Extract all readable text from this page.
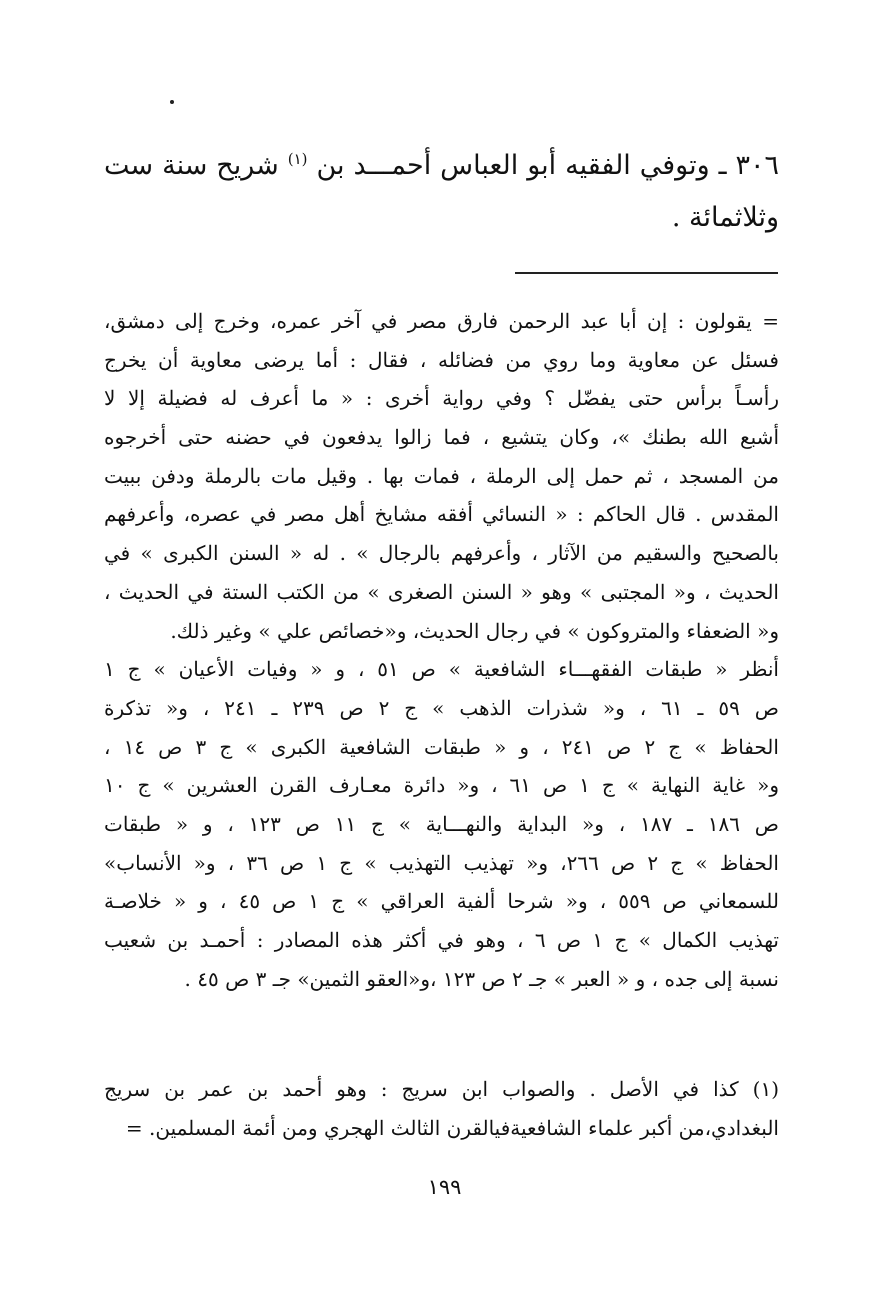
٣٠٦ ـ وتوفي الفقيه أبو العباس أحمـــد بن $^{(١)}$ شريح سنة ست وثلاثمائة .
= يقولون : إن أبا عبد الرحمن فارق مصر في آخر عمره، وخرج إلى دمشق،
فسئل عن معاوية وما روي من فضائله ، فقال : أما يرضى معاوية أن يخرج
رأسـاً برأس حتى يفضّل ؟ وفي رواية أخرى : « ما أعرف له فضيلة إلا لا
أشبع الله بطنك »، وكان يتشيع ، فما زالوا يدفعون في حضنه حتى أخرجوه
من المسجد ، ثم حمل إلى الرملة ، فمات بها . وقيل مات بالرملة ودفن ببيت
المقدس . قال الحاكم : « النسائي أفقه مشايخ أهل مصر في عصره، وأعرفهم
بالصحيح والسقيم من الآثار ، وأعرفهم بالرجال » . له « السنن الكبرى » في
الحديث ، و« المجتبى » وهو « السنن الصغرى » من الكتب الستة في الحديث ،
و« الضعفاء والمتروكون » في رجال الحديث، و«خصائص علي » وغير ذلك.
أنظر « طبقات الفقهـــاء الشافعية » ص ٥١ ، و « وفيات الأعيان » ج ١
ص ٥٩ ـ ٦١ ، و« شذرات الذهب » ج ٢ ص ٢٣٩ ـ ٢٤١ ، و« تذكرة
الحفاظ » ج ٢ ص ٢٤١ ، و « طبقات الشافعية الكبرى » ج ٣ ص ١٤ ،
و« غاية النهاية » ج ١ ص ٦١ ، و« دائرة معـارف القرن العشرين » ج ١٠
ص ١٨٦ ـ ١٨٧ ، و« البداية والنهـــاية » ج ١١ ص ١٢٣ ، و « طبقات
الحفاظ » ج ٢ ص ٢٦٦، و« تهذيب التهذيب » ج ١ ص ٣٦ ، و« الأنساب»
للسمعاني ص ٥٥٩ ، و« شرحا ألفية العراقي » ج ١ ص ٤٥ ، و « خلاصـة
تهذيب الكمال » ج ١ ص ٦ ، وهو في أكثر هذه المصادر : أحمـد بن شعيب
نسبة إلى جده ، و « العبر » جـ ٢ ص ١٢٣ ،و«العقو الثمين» جـ ٣ ص ٤٥ .
(١) كذا في الأصل . والصواب ابن سريج : وهو أحمد بن عمر بن سريج
البغدادي،من أكبر علماء الشافعيةفيالقرن الثالث الهجري ومن أئمة المسلمين. =
١٩٩
